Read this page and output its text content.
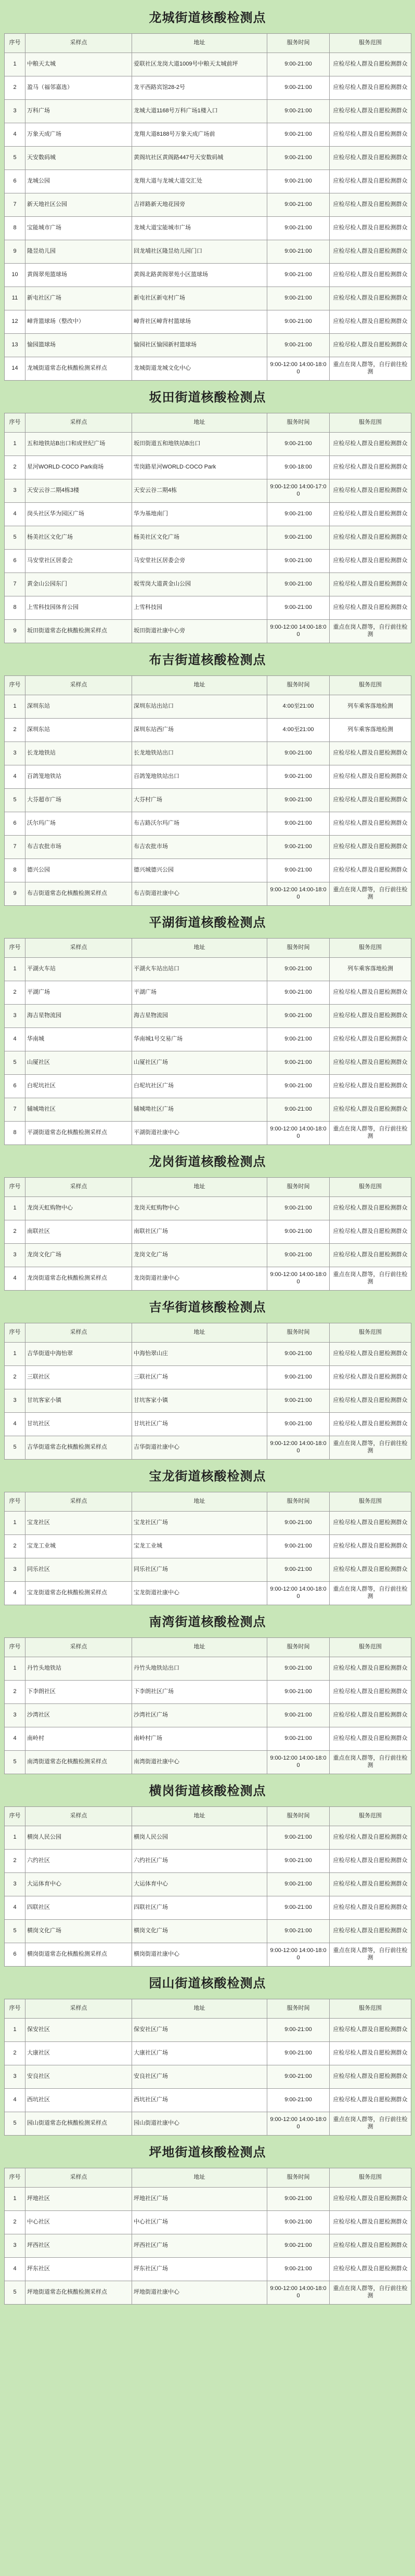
龙城街道核酸检测点
序号	采样点	地址	服务时间	服务范围
1	中粮天太城	爱联社区龙岗大道1009号中粮天太城前坪	9:00-21:00	应检尽检人群及自愿检测群众
2	盈马（福邻嘉选）	龙平西路宾馆28-2号	9:00-21:00	应检尽检人群及自愿检测群众
3	万科广场	龙城大道1168号万科广场1楼入口	9:00-21:00	应检尽检人群及自愿检测群众
4	万象天成广场	龙翔大道8188号万象天成广场前	9:00-21:00	应检尽检人群及自愿检测群众
5	天安数码城	黄阁坑社区黄阁路447号天安数码城	9:00-21:00	应检尽检人群及自愿检测群众
6	龙城公园	龙翔大道与龙城大道交汇处	9:00-21:00	应检尽检人群及自愿检测群众
7	新天地社区公园	吉祥路新天地花园旁	9:00-21:00	应检尽检人群及自愿检测群众
8	宝能城市广场	龙城大道宝能城市广场	9:00-21:00	应检尽检人群及自愿检测群众
9	隆昱幼儿园	回龙埔社区隆昱幼儿园门口	9:00-21:00	应检尽检人群及自愿检测群众
10	黄阁翠苑篮球场	黄阁北路黄阁翠苑小区篮球场	9:00-21:00	应检尽检人群及自愿检测群众
11	新屯社区广场	新屯社区新屯村广场	9:00-21:00	应检尽检人群及自愿检测群众
12	嶂背篮球场（整改中）	嶂背社区嶂背村篮球场	9:00-21:00	应检尽检人群及自愿检测群众
13	愉园篮球场	愉园社区愉园新村篮球场	9:00-21:00	应检尽检人群及自愿检测群众
14	龙城街道常态化核酸检测采样点	龙城街道龙城文化中心	9:00-12:00 14:00-18:00	重点在岗人群等，自行前往检测
坂田街道核酸检测点
序号	采样点	地址	服务时间	服务范围
1	五和地铁站B出口和成世纪广场	坂田街道五和地铁站B出口	9:00-21:00	应检尽检人群及自愿检测群众
2	星河WORLD·COCO Park商场	雪岗路星河WORLD·COCO Park	9:00-18:00	应检尽检人群及自愿检测群众
3	天安云谷二期4栋3楼	天安云谷二期4栋	9:00-12:00 14:00-17:00	应检尽检人群及自愿检测群众
4	岗头社区华为园区广场	华为基地南门	9:00-21:00	应检尽检人群及自愿检测群众
5	杨美社区文化广场	杨美社区文化广场	9:00-21:00	应检尽检人群及自愿检测群众
6	马安堂社区居委会	马安堂社区居委会旁	9:00-21:00	应检尽检人群及自愿检测群众
7	黄金山公园东门	坂雪岗大道黄金山公园	9:00-21:00	应检尽检人群及自愿检测群众
8	上雪科技园体育公园	上雪科技园	9:00-21:00	应检尽检人群及自愿检测群众
9	坂田街道常态化核酸检测采样点	坂田街道社康中心旁	9:00-12:00 14:00-18:00	重点在岗人群等，自行前往检测
布吉街道核酸检测点
序号	采样点	地址	服务时间	服务范围
1	深圳东站	深圳东站出站口	4:00至21:00	列车乘客落地检测
2	深圳东站	深圳东站西广场	4:00至21:00	列车乘客落地检测
3	长龙地铁站	长龙地铁站出口	9:00-21:00	应检尽检人群及自愿检测群众
4	百鸽笼地铁站	百鸽笼地铁站出口	9:00-21:00	应检尽检人群及自愿检测群众
5	大芬超市广场	大芬村广场	9:00-21:00	应检尽检人群及自愿检测群众
6	沃尔玛广场	布吉路沃尔玛广场	9:00-21:00	应检尽检人群及自愿检测群众
7	布吉农批市场	布吉农批市场	9:00-21:00	应检尽检人群及自愿检测群众
8	德兴公园	德兴城德兴公园	9:00-21:00	应检尽检人群及自愿检测群众
9	布吉街道常态化核酸检测采样点	布吉街道社康中心	9:00-12:00 14:00-18:00	重点在岗人群等，自行前往检测
平湖街道核酸检测点
序号	采样点	地址	服务时间	服务范围
1	平湖火车站	平湖火车站出站口	9:00-21:00	列车乘客落地检测
2	平湖广场	平湖广场	9:00-21:00	应检尽检人群及自愿检测群众
3	海吉星物流园	海吉星物流园	9:00-21:00	应检尽检人群及自愿检测群众
4	华南城	华南城1号交易广场	9:00-21:00	应检尽检人群及自愿检测群众
5	山厦社区	山厦社区广场	9:00-21:00	应检尽检人群及自愿检测群众
6	白坭坑社区	白坭坑社区广场	9:00-21:00	应检尽检人群及自愿检测群众
7	辅城坳社区	辅城坳社区广场	9:00-21:00	应检尽检人群及自愿检测群众
8	平湖街道常态化核酸检测采样点	平湖街道社康中心	9:00-12:00 14:00-18:00	重点在岗人群等，自行前往检测
龙岗街道核酸检测点
序号	采样点	地址	服务时间	服务范围
1	龙岗天虹购物中心	龙岗天虹购物中心	9:00-21:00	应检尽检人群及自愿检测群众
2	南联社区	南联社区广场	9:00-21:00	应检尽检人群及自愿检测群众
3	龙岗文化广场	龙岗文化广场	9:00-21:00	应检尽检人群及自愿检测群众
4	龙岗街道常态化核酸检测采样点	龙岗街道社康中心	9:00-12:00 14:00-18:00	重点在岗人群等，自行前往检测
吉华街道核酸检测点
序号	采样点	地址	服务时间	服务范围
1	吉华街道中海怡翠	中海怡翠山庄	9:00-21:00	应检尽检人群及自愿检测群众
2	三联社区	三联社区广场	9:00-21:00	应检尽检人群及自愿检测群众
3	甘坑客家小镇	甘坑客家小镇	9:00-21:00	应检尽检人群及自愿检测群众
4	甘坑社区	甘坑社区广场	9:00-21:00	应检尽检人群及自愿检测群众
5	吉华街道常态化核酸检测采样点	吉华街道社康中心	9:00-12:00 14:00-18:00	重点在岗人群等，自行前往检测
宝龙街道核酸检测点
序号	采样点	地址	服务时间	服务范围
1	宝龙社区	宝龙社区广场	9:00-21:00	应检尽检人群及自愿检测群众
2	宝龙工业城	宝龙工业城	9:00-21:00	应检尽检人群及自愿检测群众
3	同乐社区	同乐社区广场	9:00-21:00	应检尽检人群及自愿检测群众
4	宝龙街道常态化核酸检测采样点	宝龙街道社康中心	9:00-12:00 14:00-18:00	重点在岗人群等，自行前往检测
南湾街道核酸检测点
序号	采样点	地址	服务时间	服务范围
1	丹竹头地铁站	丹竹头地铁站出口	9:00-21:00	应检尽检人群及自愿检测群众
2	下李朗社区	下李朗社区广场	9:00-21:00	应检尽检人群及自愿检测群众
3	沙湾社区	沙湾社区广场	9:00-21:00	应检尽检人群及自愿检测群众
4	南岭村	南岭村广场	9:00-21:00	应检尽检人群及自愿检测群众
5	南湾街道常态化核酸检测采样点	南湾街道社康中心	9:00-12:00 14:00-18:00	重点在岗人群等，自行前往检测
横岗街道核酸检测点
序号	采样点	地址	服务时间	服务范围
1	横岗人民公园	横岗人民公园	9:00-21:00	应检尽检人群及自愿检测群众
2	六约社区	六约社区广场	9:00-21:00	应检尽检人群及自愿检测群众
3	大运体育中心	大运体育中心	9:00-21:00	应检尽检人群及自愿检测群众
4	四联社区	四联社区广场	9:00-21:00	应检尽检人群及自愿检测群众
5	横岗文化广场	横岗文化广场	9:00-21:00	应检尽检人群及自愿检测群众
6	横岗街道常态化核酸检测采样点	横岗街道社康中心	9:00-12:00 14:00-18:00	重点在岗人群等，自行前往检测
园山街道核酸检测点
序号	采样点	地址	服务时间	服务范围
1	保安社区	保安社区广场	9:00-21:00	应检尽检人群及自愿检测群众
2	大康社区	大康社区广场	9:00-21:00	应检尽检人群及自愿检测群众
3	安良社区	安良社区广场	9:00-21:00	应检尽检人群及自愿检测群众
4	西坑社区	西坑社区广场	9:00-21:00	应检尽检人群及自愿检测群众
5	园山街道常态化核酸检测采样点	园山街道社康中心	9:00-12:00 14:00-18:00	重点在岗人群等，自行前往检测
坪地街道核酸检测点
序号	采样点	地址	服务时间	服务范围
1	坪地社区	坪地社区广场	9:00-21:00	应检尽检人群及自愿检测群众
2	中心社区	中心社区广场	9:00-21:00	应检尽检人群及自愿检测群众
3	坪西社区	坪西社区广场	9:00-21:00	应检尽检人群及自愿检测群众
4	坪东社区	坪东社区广场	9:00-21:00	应检尽检人群及自愿检测群众
5	坪地街道常态化核酸检测采样点	坪地街道社康中心	9:00-12:00 14:00-18:00	重点在岗人群等，自行前往检测
